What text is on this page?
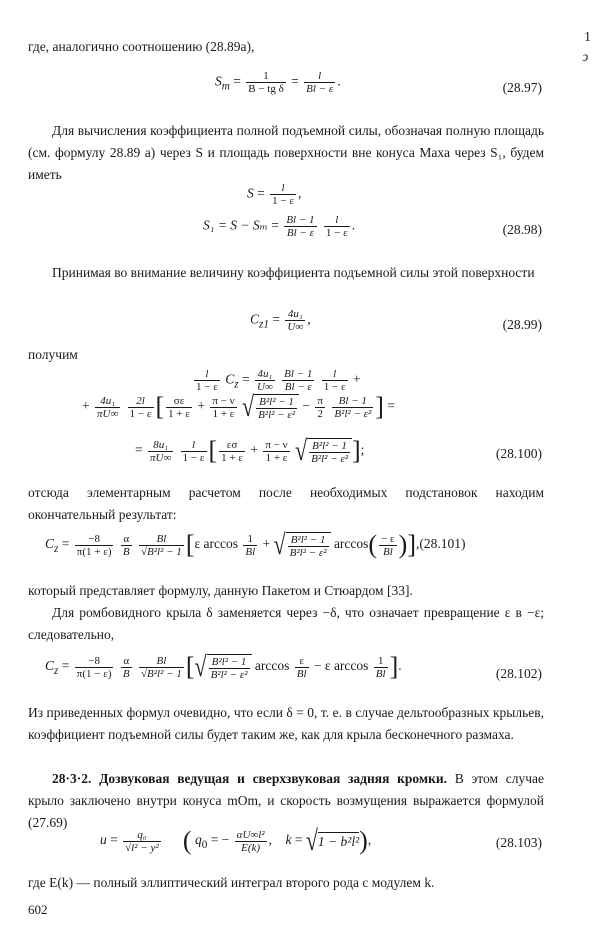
1
ↄ
где, аналогично соотношению (28.89а),
$S_m = \frac{1}{\text{B − tg δ}} = \frac{l}{Bl - \varepsilon}$ .	(28.97)
Для вычисления коэффициента полной подъемной силы, обозначая полную площадь (см. формулу 28.89 а) через S и площадь поверхности вне конуса Маха через S₁, будем иметь
$S = \frac{l}{1 - \varepsilon}$ ,
$S_1 = S - S_m = \frac{Bl - 1}{Bl - \varepsilon}$
$\frac{l}{1 - \varepsilon}$ .	(28.98)
Принимая во внимание величину коэффициента подъемной силы этой поверхности
$C_{z1} = \frac{\text{4u₁}}{U\infty}$ ,	(28.99)
получим
$\frac{l}{1 - \varepsilon} C_z = \frac{\text{4u₁}}{U\infty}$
$\frac{Bl - 1}{Bl - \varepsilon}$
$\frac{l}{1 - \varepsilon}$ +
+ $\frac{\text{4u₁}}{\pi U\infty}$
$\frac{2l}{1 - \varepsilon}$ [ $\frac{\sigma\varepsilon}{1 + \varepsilon} + \frac{\pi - \nu}{1 + \varepsilon}$ √ $\frac{\text{B²l² − 1}}{\text{B²l² − ε²}} - \frac{\pi}{2}$
$\frac{Bl - 1}{\text{B²l² − ε²}}$ ] =
= $\frac{\text{8u₁}}{\pi U\infty}$
$\frac{l}{1 - \varepsilon}$ [ $\frac{\varepsilon\sigma}{1 + \varepsilon} + \frac{\pi - \nu}{1 + \varepsilon}$ √ $\frac{\text{B²l² − 1}}{\text{B²l² − ε²}}$ ];	(28.100)
отсюда элементарным расчетом после необходимых подстановок находим окончательный результат:
$C_z = \frac{-8}{\pi(1 + \varepsilon)}$
$\frac{\alpha}{B}$
$\frac{Bl}{\text{√B²l² − 1}} [\varepsilon$ $\arccos \frac{1}{Bl}$ + √ $\frac{\text{B²l² − 1}}{\text{B²l² − ε²}} \arccos( \frac{- \varepsilon}{Bl} )],(28.101)$
который представляет формулу, данную Пакетом и Стюардом [33].
Для ромбовидного крыла δ заменяется через −δ, что означает превращение ε в −ε; следовательно,
$C_z = \frac{-8}{\pi(1 - \varepsilon)}$
$\frac{\alpha}{B}$
$\frac{Bl}{\text{√B²l² − 1}}$ [√ $\frac{\text{B²l² − 1}}{\text{B²l² − ε²}}$ $\arccos \frac{\varepsilon}{Bl} - \varepsilon$ $\arccos \frac{1}{Bl}$ ].
(28.102)
Из приведенных формул очевидно, что если δ = 0, т. е. в случае дельтообразных крыльев, коэффициент подъемной силы будет таким же, как для крыла бесконечного размаха.
28·3·2. Дозвуковая ведущая и сверхзвуковая задняя кромки. В этом случае крыло заключено внутри конуса mOm, и скорость возмущения выражается формулой (27.69)
$u = \frac{\text{q₀}}{\text{√l² − y²}}$ ( $q_0$ = − $\frac{\text{αU∞l²}}{E(k)}$ ,    k = √1 − b²l²),	(28.103)
где E(k) — полный эллиптический интеграл второго рода с модулем k.
602
